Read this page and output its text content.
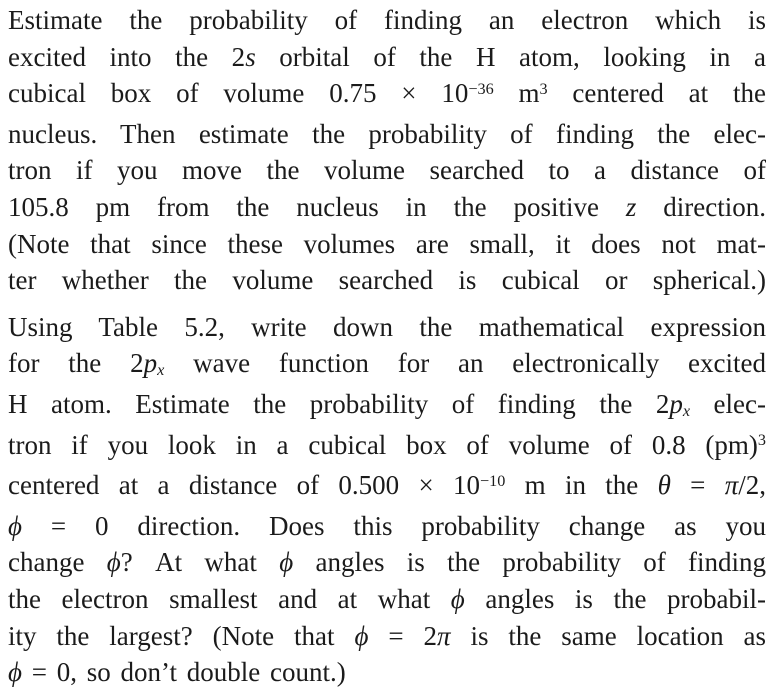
Estimate the probability of finding an electron which is
excited into the 2s orbital of the H atom, looking in a
cubical box of volume $0.75 \times 10^{-36}$ $m^3$ centered at the
nucleus. Then estimate the probability of finding the elec-
tron if you move the volume searched to a distance of
105.8 pm from the nucleus in the positive z direction.
(Note that since these volumes are small, it does not mat-
ter whether the volume searched is cubical or spherical.)
Using Table 5.2, write down the mathematical expression
for the 2px wave function for an electronically excited
H atom. Estimate the probability of finding the 2px elec-
tron if you look in a cubical box of volume of 0.8 (pm)$^3$
centered at a distance of $0.500 \times 10^{-10}$ m in the θ = π/2,
ϕ = 0 direction. Does this probability change as you
change ϕ? At what ϕ angles is the probability of finding
the electron smallest and at what ϕ angles is the probabil-
ity the largest? (Note that ϕ = 2π is the same location as
ϕ = 0, so don’t double count.)
